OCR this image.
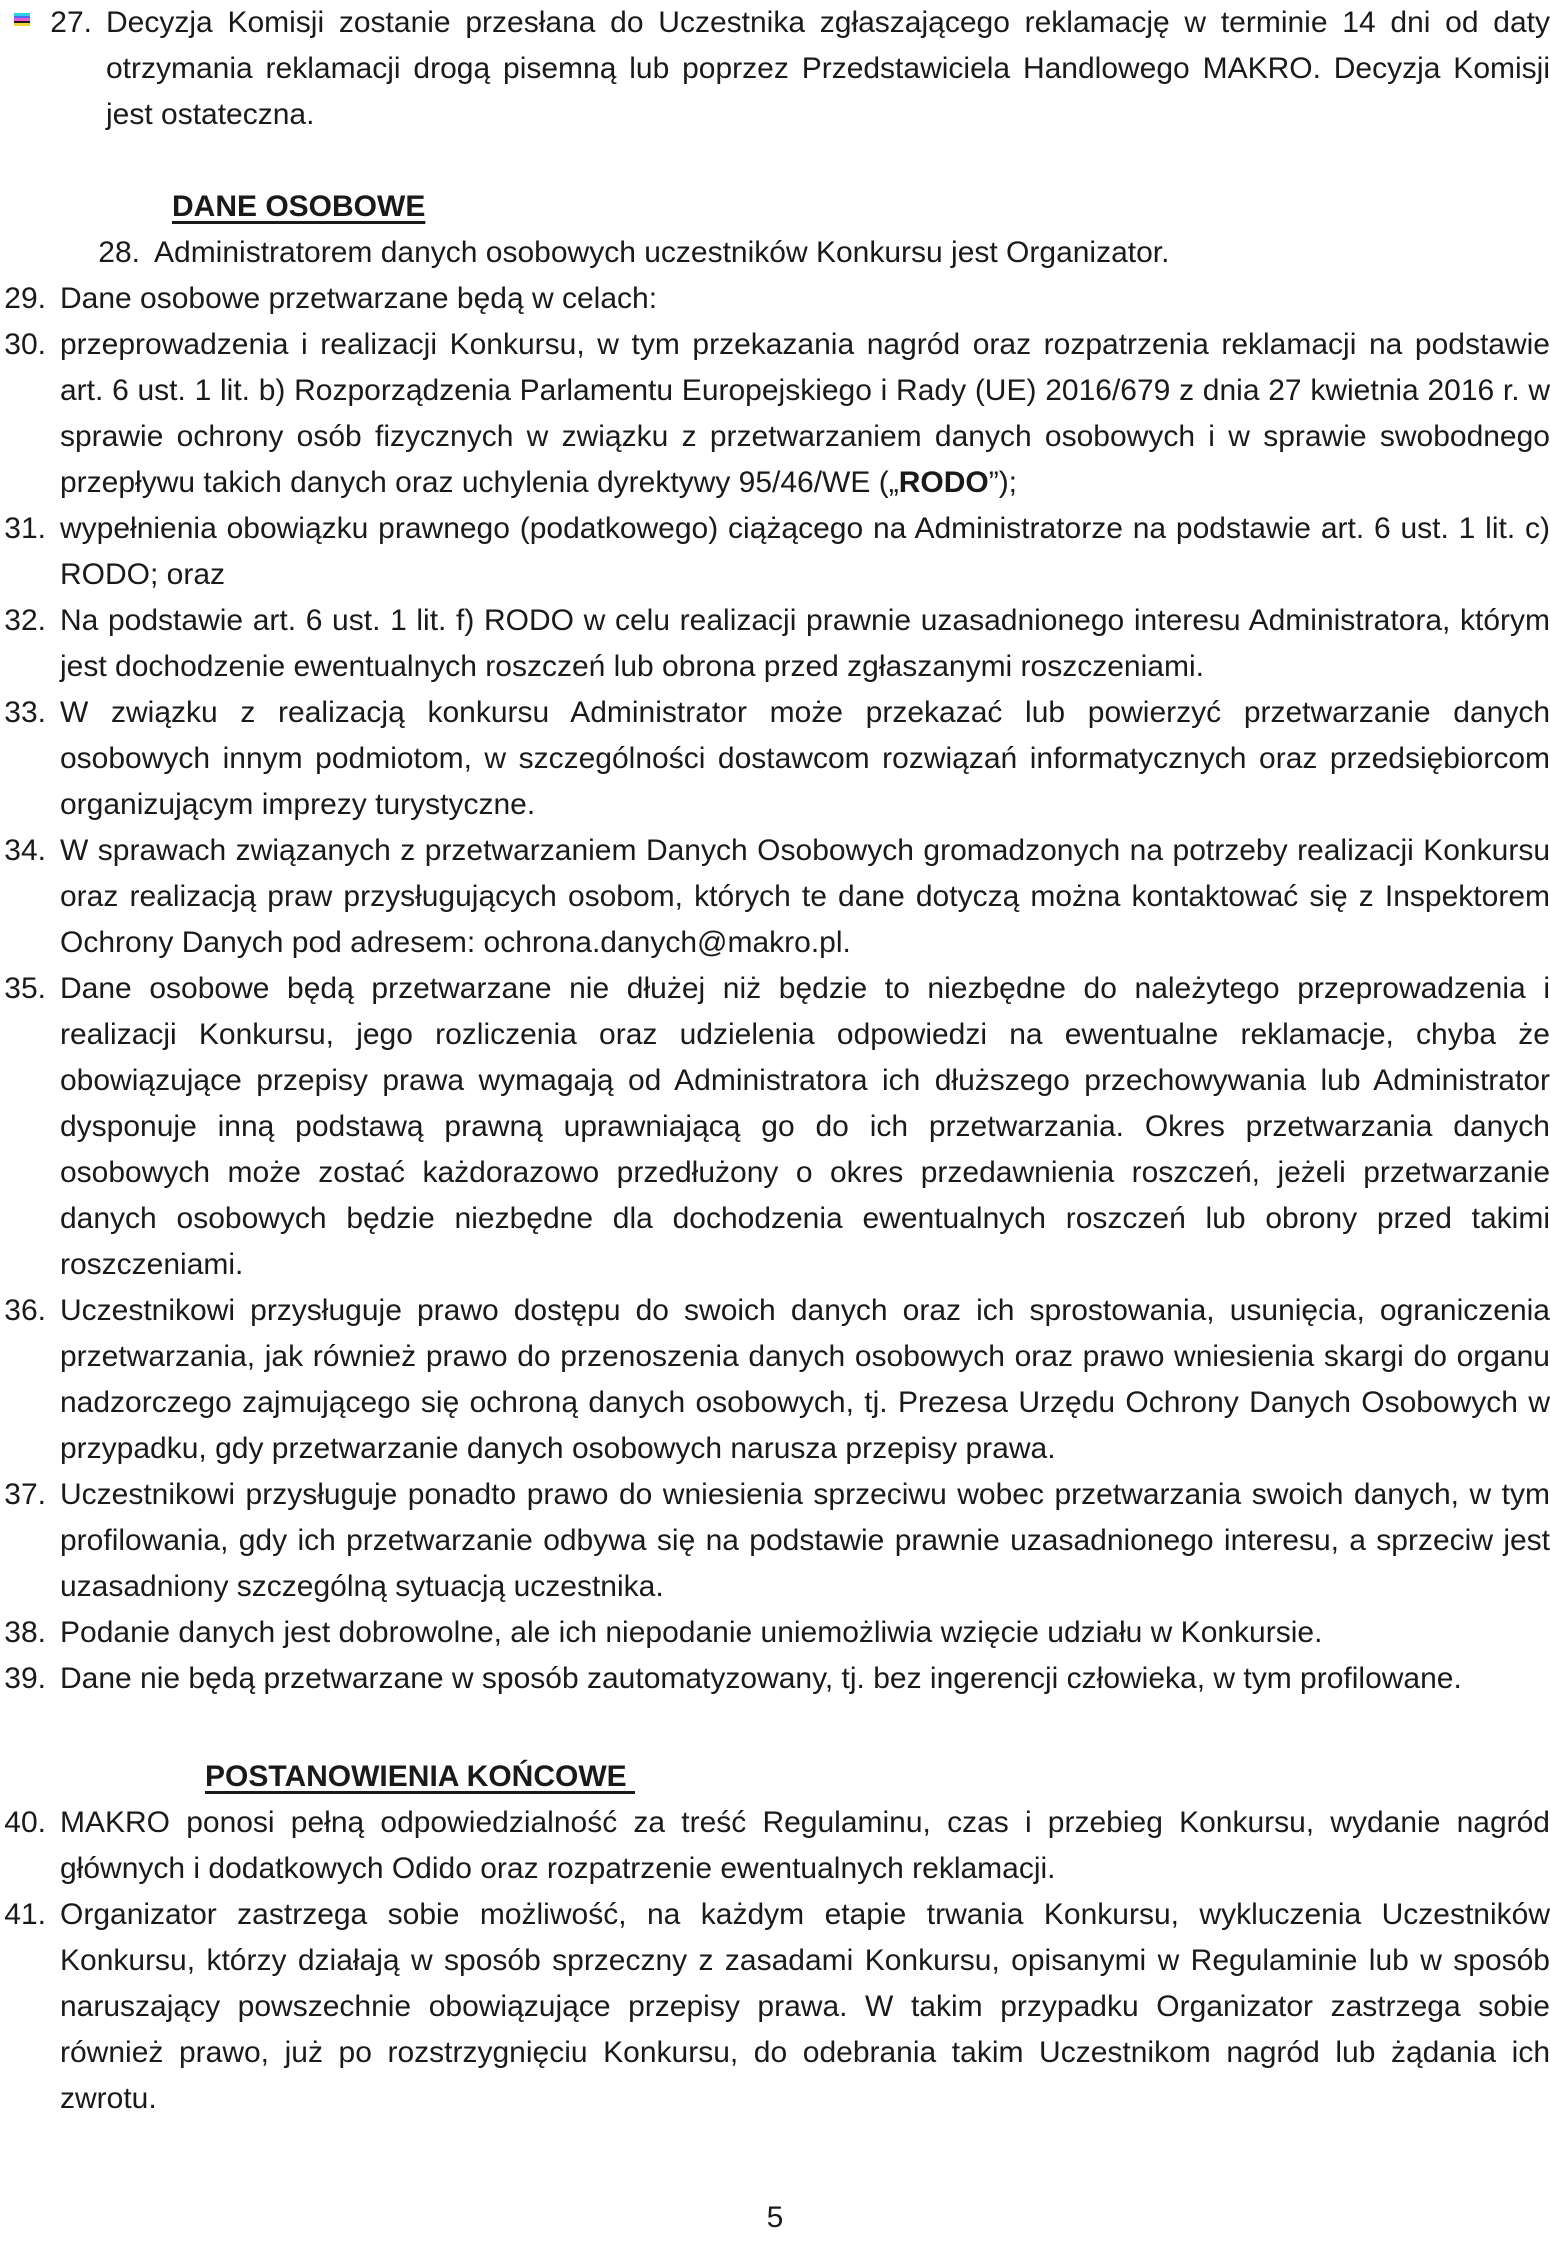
27. Decyzja Komisji zostanie przesłana do Uczestnika zgłaszającego reklamację w terminie 14 dni od daty otrzymania reklamacji drogą pisemną lub poprzez Przedstawiciela Handlowego MAKRO. Decyzja Komisji jest ostateczna.
DANE OSOBOWE
28. Administratorem danych osobowych uczestników Konkursu jest Organizator.
29. Dane osobowe przetwarzane będą w celach:
30. przeprowadzenia i realizacji Konkursu, w tym przekazania nagród oraz rozpatrzenia reklamacji na podstawie art. 6 ust. 1 lit. b) Rozporządzenia Parlamentu Europejskiego i Rady (UE) 2016/679 z dnia 27 kwietnia 2016 r. w sprawie ochrony osób fizycznych w związku z przetwarzaniem danych osobowych i w sprawie swobodnego przepływu takich danych oraz uchylenia dyrektywy 95/46/WE („RODO”);
31. wypełnienia obowiązku prawnego (podatkowego) ciążącego na Administratorze na podstawie art. 6 ust. 1 lit. c) RODO; oraz
32. Na podstawie art. 6 ust. 1 lit. f) RODO w celu realizacji prawnie uzasadnionego interesu Administratora, którym jest dochodzenie ewentualnych roszczeń lub obrona przed zgłaszanymi roszczeniami.
33. W związku z realizacją konkursu Administrator może przekazać lub powierzyć przetwarzanie danych osobowych innym podmiotom, w szczególności dostawcom rozwiązań informatycznych oraz przedsiębiorcom organizującym imprezy turystyczne.
34. W sprawach związanych z przetwarzaniem Danych Osobowych gromadzonych na potrzeby realizacji Konkursu oraz realizacją praw przysługujących osobom, których te dane dotyczą można kontaktować się z Inspektorem Ochrony Danych pod adresem: ochrona.danych@makro.pl.
35. Dane osobowe będą przetwarzane nie dłużej niż będzie to niezbędne do należytego przeprowadzenia i realizacji Konkursu, jego rozliczenia oraz udzielenia odpowiedzi na ewentualne reklamacje, chyba że obowiązujące przepisy prawa wymagają od Administratora ich dłuższego przechowywania lub Administrator dysponuje inną podstawą prawną uprawniającą go do ich przetwarzania. Okres przetwarzania danych osobowych może zostać każdorazowo przedłużony o okres przedawnienia roszczeń, jeżeli przetwarzanie danych osobowych będzie niezbędne dla dochodzenia ewentualnych roszczeń lub obrony przed takimi roszczeniami.
36. Uczestnikowi przysługuje prawo dostępu do swoich danych oraz ich sprostowania, usunięcia, ograniczenia przetwarzania, jak również prawo do przenoszenia danych osobowych oraz prawo wniesienia skargi do organu nadzorczego zajmującego się ochroną danych osobowych, tj. Prezesa Urzędu Ochrony Danych Osobowych w przypadku, gdy przetwarzanie danych osobowych narusza przepisy prawa.
37. Uczestnikowi przysługuje ponadto prawo do wniesienia sprzeciwu wobec przetwarzania swoich danych, w tym profilowania, gdy ich przetwarzanie odbywa się na podstawie prawnie uzasadnionego interesu, a sprzeciw jest uzasadniony szczególną sytuacją uczestnika.
38. Podanie danych jest dobrowolne, ale ich niepodanie uniemożliwia wzięcie udziału w Konkursie.
39. Dane nie będą przetwarzane w sposób zautomatyzowany, tj. bez ingerencji człowieka, w tym profilowane.
POSTANOWIENIA KOŃCOWE
40. MAKRO ponosi pełną odpowiedzialność za treść Regulaminu, czas i przebieg Konkursu, wydanie nagród głównych i dodatkowych Odido oraz rozpatrzenie ewentualnych reklamacji.
41. Organizator zastrzega sobie możliwość, na każdym etapie trwania Konkursu, wykluczenia Uczestników Konkursu, którzy działają w sposób sprzeczny z zasadami Konkursu, opisanymi w Regulaminie lub w sposób naruszający powszechnie obowiązujące przepisy prawa. W takim przypadku Organizator zastrzega sobie również prawo, już po rozstrzygnięciu Konkursu, do odebrania takim Uczestnikom nagród lub żądania ich zwrotu.
5
